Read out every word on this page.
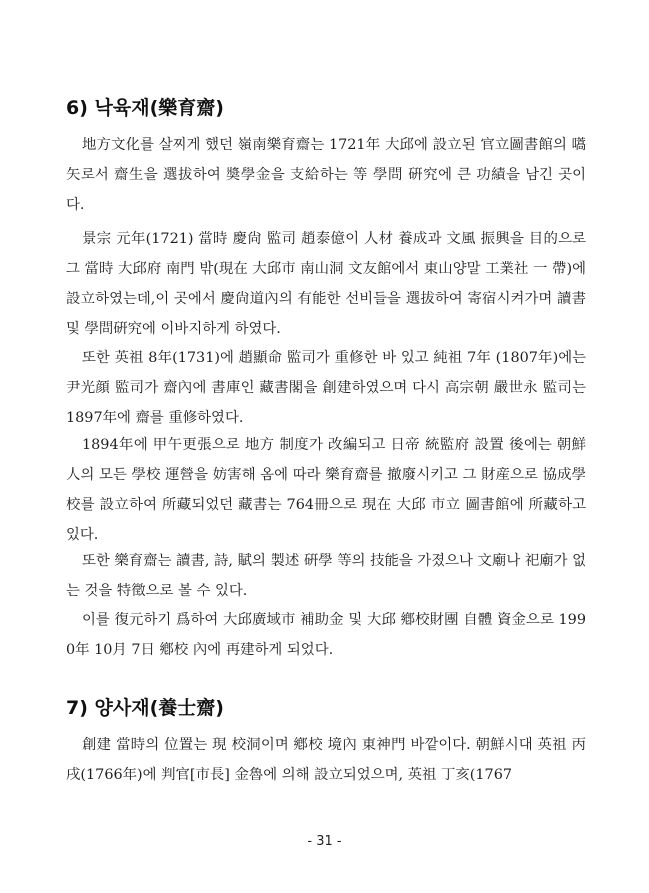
6) 낙육재(樂育齋)

地方文化를 살찌게 했던 嶺南樂育齋는 1721年 大邱에 設立된 官立圖書館의 嚆矢로서 齋生을 選拔하여 奬學金을 支給하는 等 學問 硏究에 큰 功績을 남긴 곳이다.

景宗 元年(1721) 當時 慶尙 監司 趙泰億이 人材 養成과 文風 振興을 目的으로 그 當時 大邱府 南門 밖(現在 大邱市 南山洞 文友館에서 東山양말 工業社 一 帶)에 設立하였는데,이 곳에서 慶尙道內의 有能한 선비들을 選拔하여 寄宿시켜가며 讀書 및 學問硏究에 이바지하게 하였다.

또한 英祖 8年(1731)에 趙顯命 監司가 重修한 바 있고 純祖 7年 (1807年)에는 尹光顔 監司가 齋內에 書庫인 藏書閣을 創建하였으며 다시 高宗朝 嚴世永 監司는 1897年에 齋를 重修하였다.

1894年에 甲午更張으로 地方 制度가 改編되고 日帝 統監府 設置 後에는 朝鮮人의 모든 學校 運營을 妨害해 옴에 따라 樂育齋를 撤廢시키고 그 財産으로 協成學校를 設立하여 所藏되었던 藏書는 764冊으로 現在 大邱 市立 圖書館에 所藏하고 있다.

또한 樂育齋는 讀書, 詩, 賦의 製述 硏學 等의 技能을 가졌으나 文廟나 祀廟가 없는 것을 特徵으로 볼 수 있다.

이를 復元하기 爲하여 大邱廣域市 補助金 및 大邱 鄕校財團 自體 資金으로 1990年 10月 7日 鄕校 內에 再建하게 되었다.

7) 양사재(養士齋)

創建 當時의 位置는 現 校洞이며 鄕校 境內 東神門 바깥이다. 朝鮮시대 英祖 丙戌(1766年)에 判官[市長] 金魯에 의해 設立되었으며, 英祖 丁亥(1767

- 31 -
